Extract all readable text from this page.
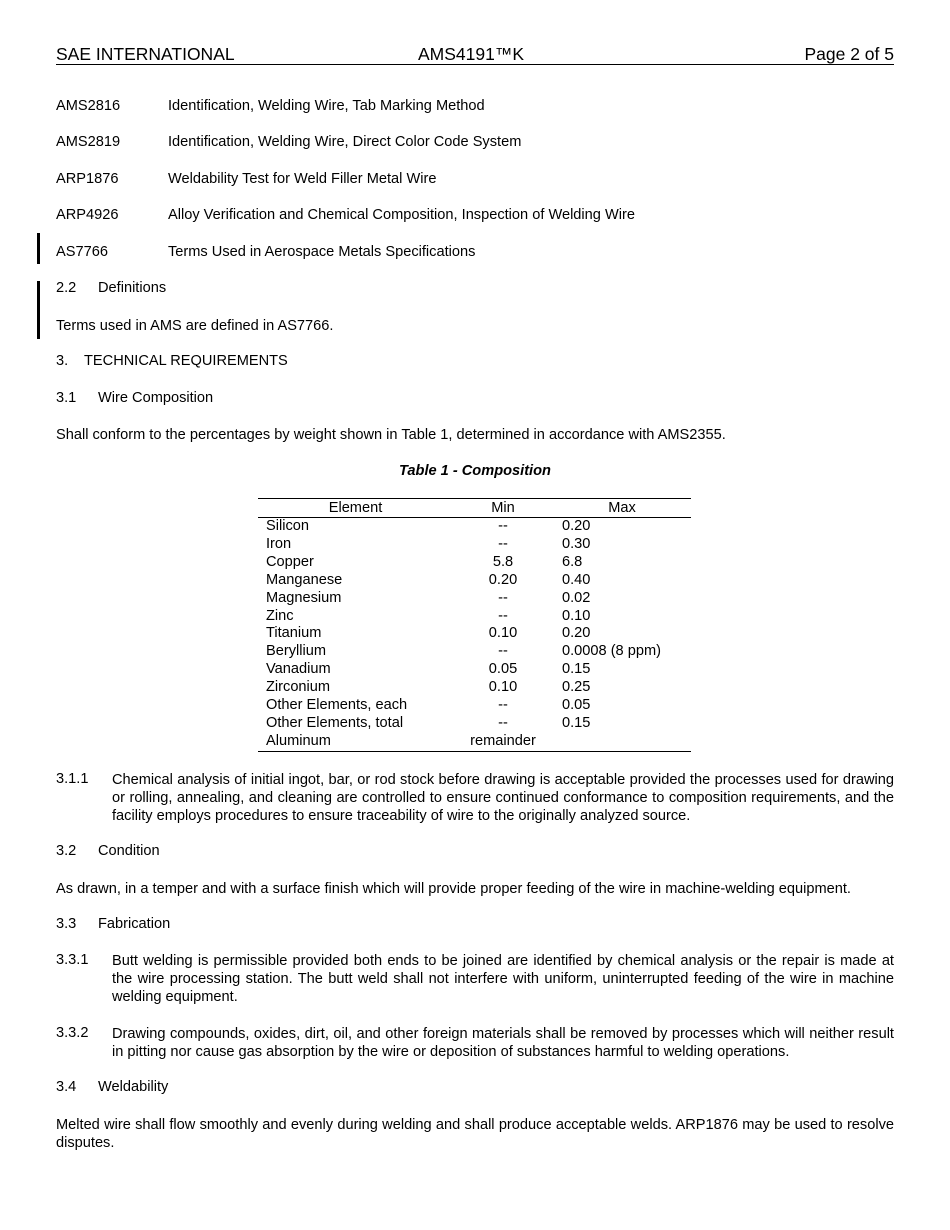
SAE INTERNATIONAL	AMS4191™K	Page 2 of 5
AMS2816	Identification, Welding Wire, Tab Marking Method
AMS2819	Identification, Welding Wire, Direct Color Code System
ARP1876	Weldability Test for Weld Filler Metal Wire
ARP4926	Alloy Verification and Chemical Composition, Inspection of Welding Wire
AS7766	Terms Used in Aerospace Metals Specifications
2.2 Definitions
Terms used in AMS are defined in AS7766.
3. TECHNICAL REQUIREMENTS
3.1 Wire Composition
Shall conform to the percentages by weight shown in Table 1, determined in accordance with AMS2355.
Table 1 - Composition
Element	Min	Max
Silicon	--	0.20
Iron	--	0.30
Copper	5.8	6.8
Manganese	0.20	0.40
Magnesium	--	0.02
Zinc	--	0.10
Titanium	0.10	0.20
Beryllium	--	0.0008 (8 ppm)
Vanadium	0.05	0.15
Zirconium	0.10	0.25
Other Elements, each	--	0.05
Other Elements, total	--	0.15
Aluminum	remainder	
3.1.1 Chemical analysis of initial ingot, bar, or rod stock before drawing is acceptable provided the processes used for drawing or rolling, annealing, and cleaning are controlled to ensure continued conformance to composition requirements, and the facility employs procedures to ensure traceability of wire to the originally analyzed source.
3.2 Condition
As drawn, in a temper and with a surface finish which will provide proper feeding of the wire in machine-welding equipment.
3.3 Fabrication
3.3.1 Butt welding is permissible provided both ends to be joined are identified by chemical analysis or the repair is made at the wire processing station. The butt weld shall not interfere with uniform, uninterrupted feeding of the wire in machine welding equipment.
3.3.2 Drawing compounds, oxides, dirt, oil, and other foreign materials shall be removed by processes which will neither result in pitting nor cause gas absorption by the wire or deposition of substances harmful to welding operations.
3.4 Weldability
Melted wire shall flow smoothly and evenly during welding and shall produce acceptable welds. ARP1876 may be used to resolve disputes.
